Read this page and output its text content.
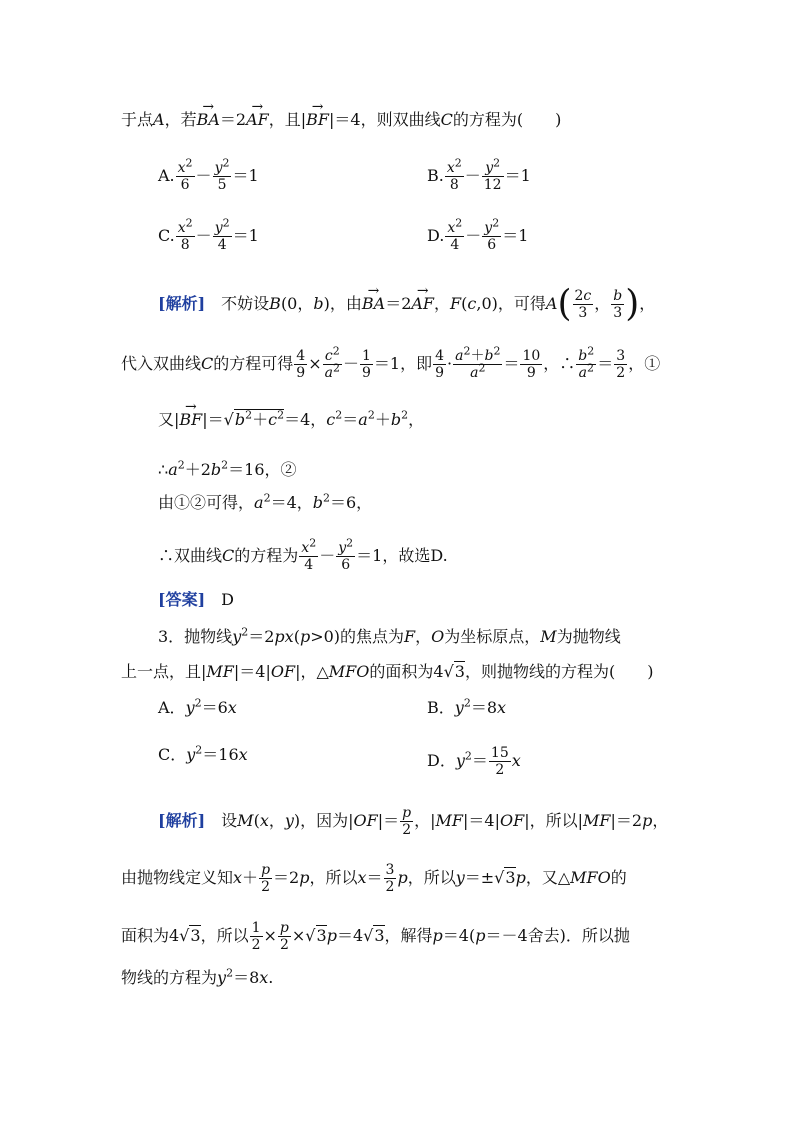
于点A，若→ BA＝2→ AF，且|→ BF|＝4，则双曲线C的方程为(　　)
A. $\frac{x^2}{6} - \frac{y^2}{5} =1$	B. $\frac{x^2}{8} - \frac{y^2}{12} =1$
C. $\frac{x^2}{8} - \frac{y^2}{4} =1$	D. $\frac{x^2}{4} - \frac{y^2}{6} =1$
[解析]　不妨设B(0，b)，由→ BA＝2→ AF，F(c,0)，可得$A( \frac{2c}{3}$ ， $\frac{b}{3}$ )，
代入双曲线C的方程可得 $\frac{4}{9} \times \frac{c^2}{a^2} - \frac{1}{9} =1$，即 $\frac{4}{9} \cdot \frac{a^2+b^2}{a^2} = \frac{10}{9}$ ，∴ $\frac{b^2}{a^2} = \frac{3}{2}$ ，①
又|→ $BF|=√b^2+c^2=4$，$c^2=a^2+b^2$，
$\therefore a^2+2b^2=16$，②
由①②可得，$a^2=4$，$b^2=6$，
∴双曲线C的方程为 $\frac{x^2}{4} - \frac{y^2}{6} =1$，故选D.
[答案]　 D
3．抛物线$y^2=2px(p>0)$的焦点为F，O为坐标原点，M为抛物线
上一点，且|MF|＝4|OF|，△MFO的面积为4√3，则抛物线的方程为(　　)
A．$y^2=6x$	B．$y^2=8x$
C．$y^2=16x$	D．$y^2= \frac{15}{2}$ x
[解析]　设M(x，y)，因为$|OF|= \frac{p}{2}$ ，|MF|＝4|OF|，所以|MF|＝2p，
由抛物线定义知$x+ \frac{p}{2} =2p$，所以$x= \frac{3}{2}$ p，所以y＝±√3p，又△MFO的
面积为4√3，所以 $\frac{1}{2} \times \frac{p}{2} \times√3p=4√3$，解得p＝4(p＝－4舍去)．所以抛
物线的方程为$y^2=8x$.
